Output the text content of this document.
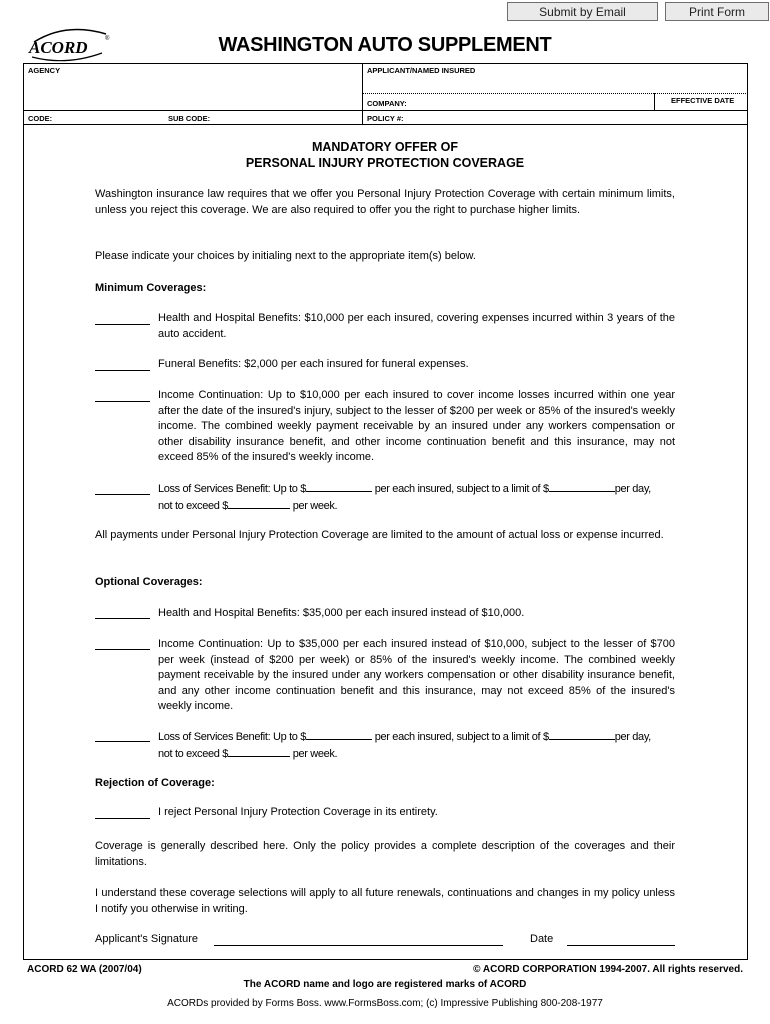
Submit by Email	Print Form
ACORD	®	WASHINGTON AUTO SUPPLEMENT
AGENCY	APPLICANT/NAMED INSURED
COMPANY:	EFFECTIVE DATE
CODE:	SUB CODE:	POLICY #:
MANDATORY OFFER OF
PERSONAL INJURY PROTECTION COVERAGE
Washington insurance law requires that we offer you Personal Injury Protection Coverage with certain minimum limits, unless you reject this coverage. We are also required to offer you the right to purchase higher limits.
Please indicate your choices by initialing next to the appropriate item(s) below.
Minimum Coverages:
Health and Hospital Benefits: $10,000 per each insured, covering expenses incurred within 3 years of the auto accident.
Funeral Benefits: $2,000 per each insured for funeral expenses.
Income Continuation: Up to $10,000 per each insured to cover income losses incurred within one year after the date of the insured's injury, subject to the lesser of $200 per week or 85% of the insured's weekly income. The combined weekly payment receivable by an insured under any workers compensation or other disability insurance benefit, and other income continuation benefit and this insurance, may not exceed 85% of the insured's weekly income.
Loss of Services Benefit: Up to $	per each insured, subject to a limit of $	per day,
not to exceed $	per week.
All payments under Personal Injury Protection Coverage are limited to the amount of actual loss or expense incurred.
Optional Coverages:
Health and Hospital Benefits: $35,000 per each insured instead of $10,000.
Income Continuation: Up to $35,000 per each insured instead of $10,000, subject to the lesser of $700 per week (instead of $200 per week) or 85% of the insured's weekly income. The combined weekly payment receivable by the insured under any workers compensation or other disability insurance benefit, and any other income continuation benefit and this insurance, may not exceed 85% of the insured's weekly income.
Loss of Services Benefit: Up to $	per each insured, subject to a limit of $	per day,
not to exceed $	per week.
Rejection of Coverage:
I reject Personal Injury Protection Coverage in its entirety.
Coverage is generally described here. Only the policy provides a complete description of the coverages and their limitations.
I understand these coverage selections will apply to all future renewals, continuations and changes in my policy unless I notify you otherwise in writing.
Applicant's Signature	Date
ACORD 62 WA (2007/04)	© ACORD CORPORATION 1994-2007. All rights reserved.
The ACORD name and logo are registered marks of ACORD
ACORDs provided by Forms Boss. www.FormsBoss.com; (c) Impressive Publishing 800-208-1977
